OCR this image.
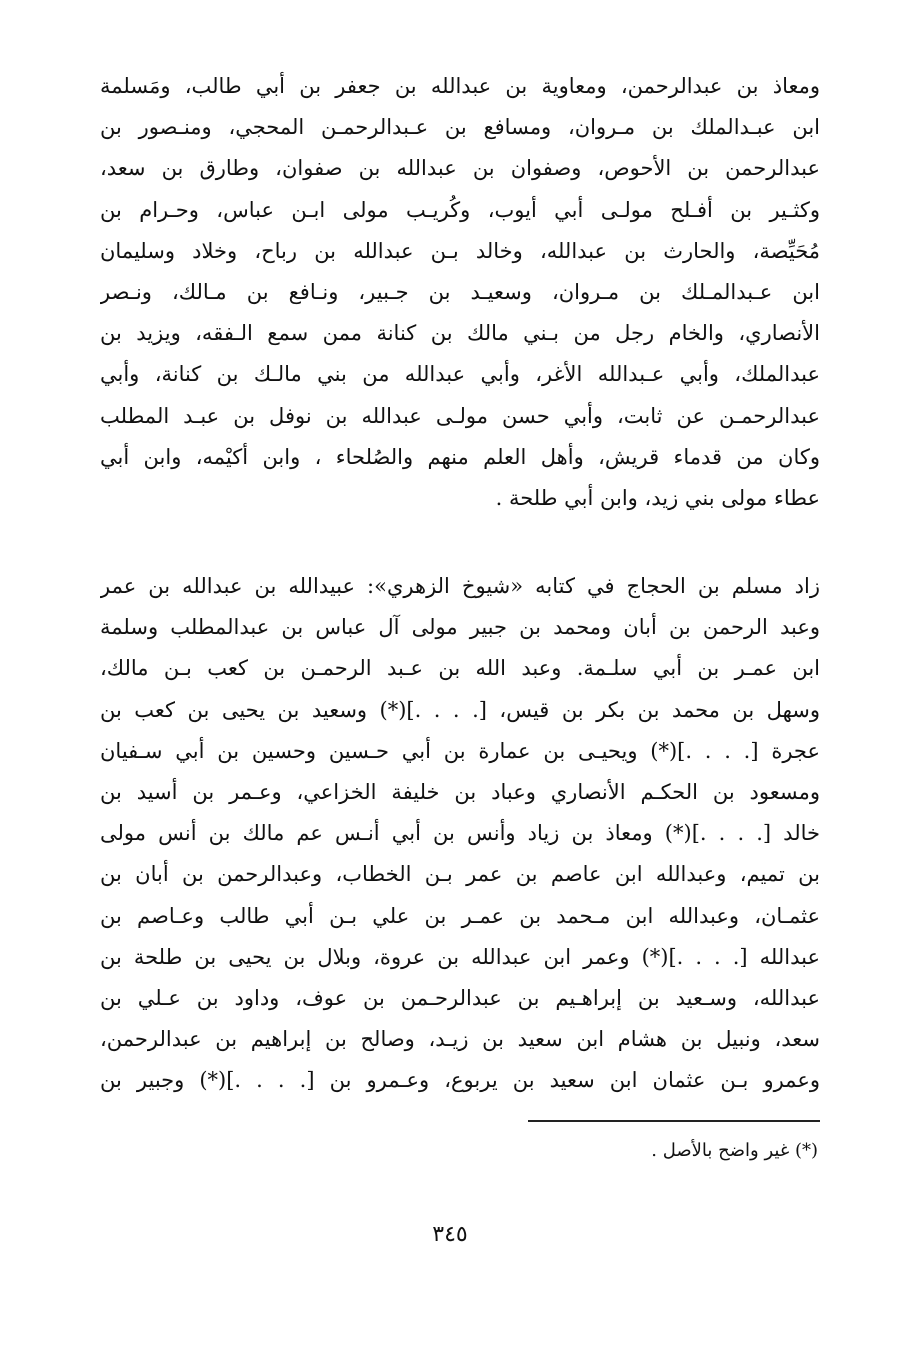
ومعاذ بن عبدالرحمن، ومعاوية بن عبدالله بن جعفر بن أبي طالب، ومَسلمة
ابن عبـدالملك بن مـروان، ومسافع بن عـبدالرحمـن المحجي، ومنـصور بن
عبدالرحمن بن الأحوص، وصفوان بن عبدالله بن صفوان، وطارق بن سعد،
وكثـير بن أفـلح مولـى أبي أيوب، وكُريـب مولى ابـن عباس، وحـرام بن
مُحَيِّصة، والحارث بن عبدالله، وخالد بـن عبدالله بن رباح، وخلاد وسليمان
ابن عـبدالمـلك بن مـروان، وسعيـد بن جـبير، ونـافع بن مـالك، ونـصر
الأنصاري، والخام رجل من بـني مالك بن كنانة ممن سمع الـفقه، ويزيد بن
عبدالملك، وأبي عـبدالله الأغر، وأبي عبدالله من بني مالـك بن كنانة، وأبي
عبدالرحمـن عن ثابت، وأبي حسن مولـى عبدالله بن نوفل بن عبـد المطلب
وكان من قدماء قريش، وأهل العلم منهم والصُلحاء ، وابن أكيْمه، وابن أبي
عطاء مولى بني زيد، وابن أبي طلحة .
زاد مسلم بن الحجاج في كتابه «شيوخ الزهري»: عبيدالله بن عبدالله بن عمر
وعبد الرحمن بن أبان ومحمد بن جبير مولى آل عباس بن عبدالمطلب وسلمة
ابن عمـر بن أبي سلـمة. وعبد الله بن عـبد الرحمـن بن كعب بـن مالك،
وسهل بن محمد بن بكر بن قيس، [. . . .](*) وسعيد بن يحيى بن كعب بن
عجرة [. . . .](*) ويحيـى بن عمارة بن أبي حـسين وحسين بن أبي سـفيان
ومسعود بن الحكـم الأنصاري وعباد بن خليفة الخزاعي، وعـمر بن أسيد بن
خالد [. . . .](*) ومعاذ بن زياد وأنس بن أبي أنـس عم مالك بن أنس مولى
بن تميم، وعبدالله ابن عاصم بن عمر بـن الخطاب، وعبدالرحمن بن أبان بن
عثمـان، وعبدالله ابن مـحمد بن عمـر بن علي بـن أبي طالب وعـاصم بن
عبدالله [. . . .](*) وعمر ابن عبدالله بن عروة، وبلال بن يحيى بن طلحة بن
عبدالله، وسـعيد بن إبراهـيم بن عبدالرحـمن بن عوف، وداود بن عـلي بن
سعد، ونبيل بن هشام ابن سعيد بن زيـد، وصالح بن إبراهيم بن عبدالرحمن،
وعمرو بـن عثمان ابن سعيد بن يربوع، وعـمرو بن [. . . .](*) وجبير بن
(*) غير واضح بالأصل .
٣٤٥
